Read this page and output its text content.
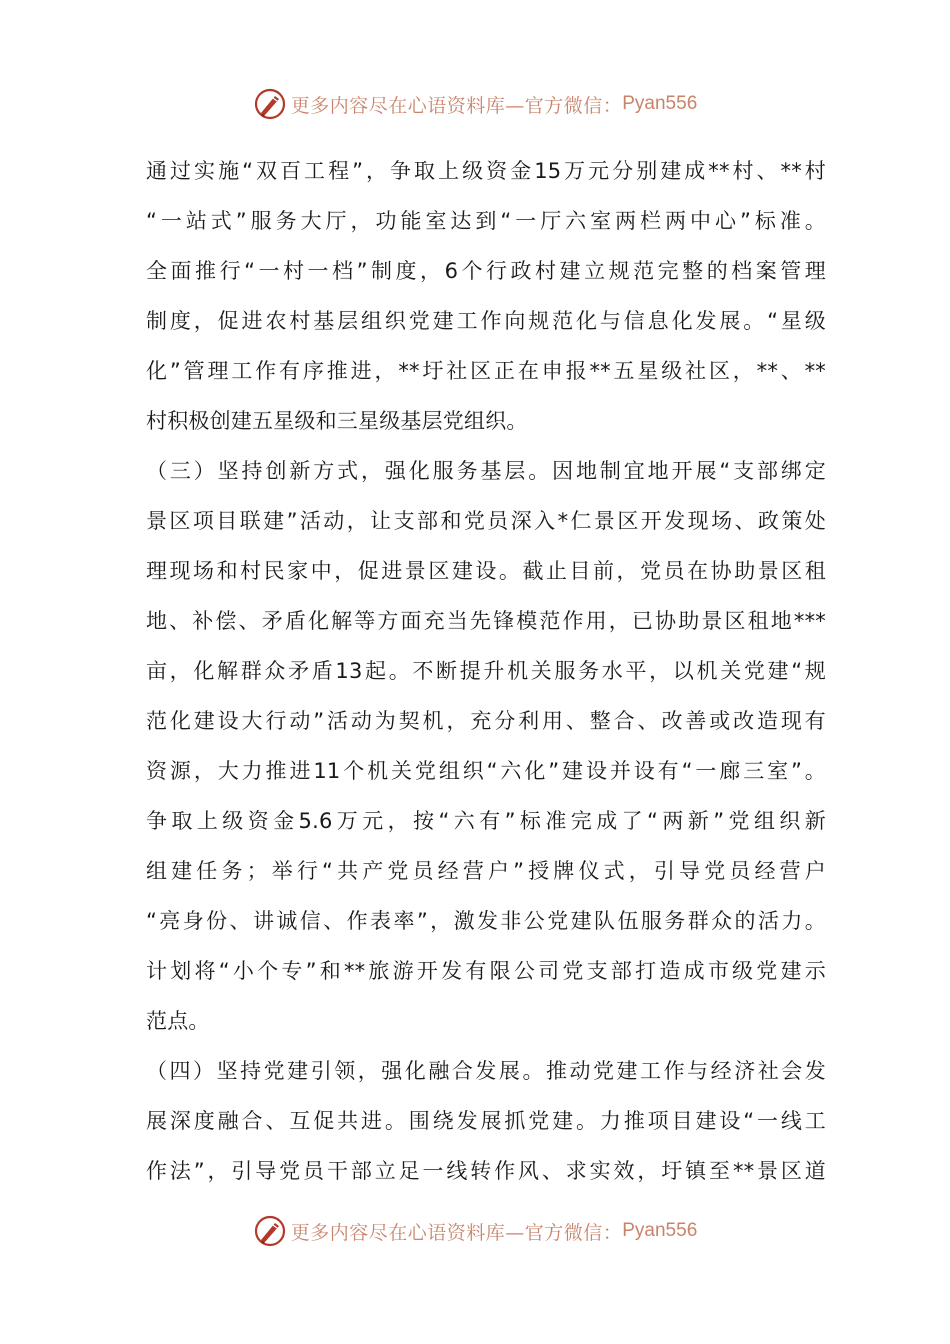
更多内容尽在心语资料库—官方微信： Pyan556
通过实施“双百工程”，争取上级资金15万元分别建成**村、**村
“一站式”服务大厅，功能室达到“一厅六室两栏两中心”标准。
全面推行“一村一档”制度，6个行政村建立规范完整的档案管理
制度，促进农村基层组织党建工作向规范化与信息化发展。“星级
化”管理工作有序推进，**圩社区正在申报**五星级社区，**、**
村积极创建五星级和三星级基层党组织。
（三）坚持创新方式，强化服务基层。因地制宜地开展“支部绑定
景区项目联建”活动，让支部和党员深入*仁景区开发现场、政策处
理现场和村民家中，促进景区建设。截止目前，党员在协助景区租
地、补偿、矛盾化解等方面充当先锋模范作用，已协助景区租地***
亩，化解群众矛盾13起。不断提升机关服务水平，以机关党建“规
范化建设大行动”活动为契机，充分利用、整合、改善或改造现有
资源，大力推进11个机关党组织“六化”建设并设有“一廊三室”。
争取上级资金5.6万元，按“六有”标准完成了“两新”党组织新
组建任务；举行“共产党员经营户”授牌仪式，引导党员经营户
“亮身份、讲诚信、作表率”，激发非公党建队伍服务群众的活力。
计划将“小个专”和**旅游开发有限公司党支部打造成市级党建示
范点。
（四）坚持党建引领，强化融合发展。推动党建工作与经济社会发
展深度融合、互促共进。围绕发展抓党建。力推项目建设“一线工
作法”，引导党员干部立足一线转作风、求实效，圩镇至**景区道
更多内容尽在心语资料库—官方微信： Pyan556
